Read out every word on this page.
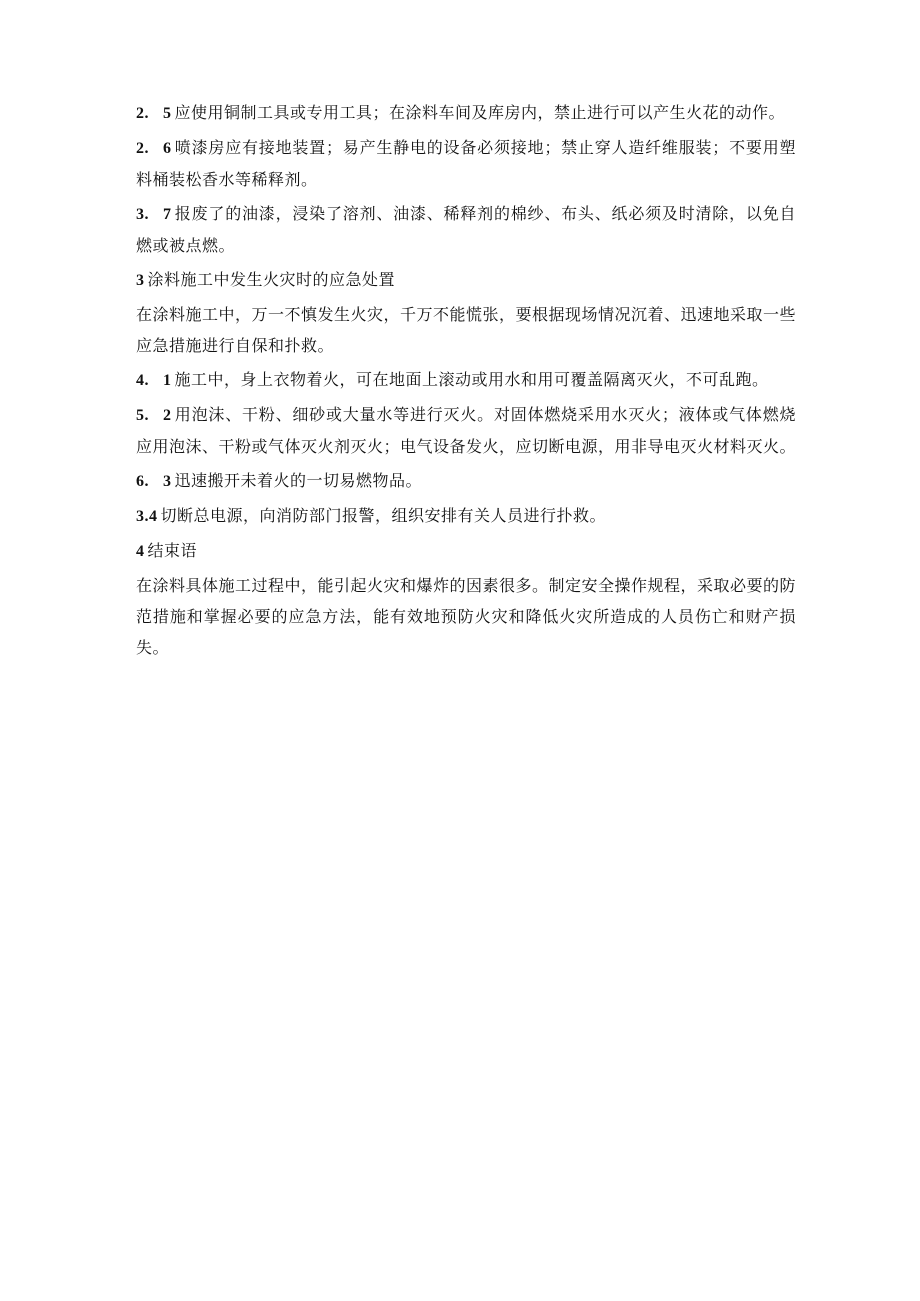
2. 5 应使用铜制工具或专用工具；在涂料车间及库房内，禁止进行可以产生火花的动作。

2. 6 喷漆房应有接地装置；易产生静电的设备必须接地；禁止穿人造纤维服装；不要用塑料桶装松香水等稀释剂。

3. 7 报废了的油漆，浸染了溶剂、油漆、稀释剂的棉纱、布头、纸必须及时清除，以免自燃或被点燃。

3 涂料施工中发生火灾时的应急处置

在涂料施工中，万一不慎发生火灾，千万不能慌张，要根据现场情况沉着、迅速地采取一些应急措施进行自保和扑救。

4. 1 施工中，身上衣物着火，可在地面上滚动或用水和用可覆盖隔离灭火，不可乱跑。

5. 2 用泡沫、干粉、细砂或大量水等进行灭火。对固体燃烧采用水灭火；液体或气体燃烧应用泡沫、干粉或气体灭火剂灭火；电气设备发火，应切断电源，用非导电灭火材料灭火。

6. 3 迅速搬开未着火的一切易燃物品。

3.4 切断总电源，向消防部门报警，组织安排有关人员进行扑救。

4 结束语

在涂料具体施工过程中，能引起火灾和爆炸的因素很多。制定安全操作规程，采取必要的防范措施和掌握必要的应急方法，能有效地预防火灾和降低火灾所造成的人员伤亡和财产损失。
